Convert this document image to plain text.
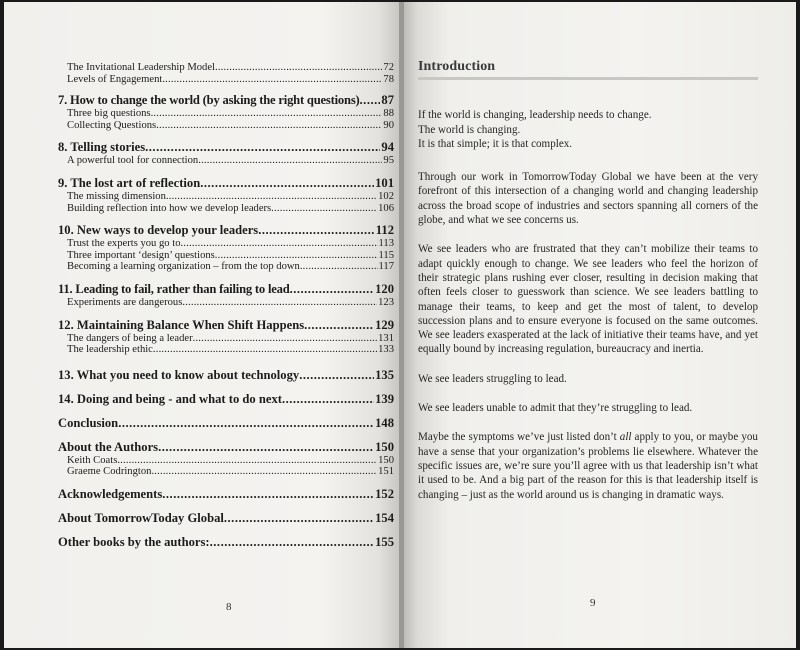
The Invitational Leadership Model .....	72
Levels of Engagement .....	78
7. How to change the world (by asking the right questions) ..... 87
Three big questions .....	88
Collecting Questions .....	90
8. Telling stories .....	94
A powerful tool for connection .....	95
9. The lost art of reflection .....	101
The missing dimension .....	102
Building reflection into how we develop leaders .....	106
10. New ways to develop your leaders .....	112
Trust the experts you go to .....	113
Three important ‘design’ questions .....	115
Becoming a learning organization – from the top down .....	117
11. Leading to fail, rather than failing to lead .....	120
Experiments are dangerous .....	123
12. Maintaining Balance When Shift Happens .....	129
The dangers of being a leader .....	131
The leadership ethic .....	133
13. What you need to know about technology .....	135
14. Doing and being - and what to do next .....	139
Conclusion .....	148
About the Authors .....	150
Keith Coats .....	150
Graeme Codrington .....	151
Acknowledgements .....	152
About TomorrowToday Global .....	154
Other books by the authors: .....	155
8
Introduction

If the world is changing, leadership needs to change.

The world is changing.

It is that simple; it is that complex.

Through our work in TomorrowToday Global we have been at the very forefront of this intersection of a changing world and changing leadership across the broad scope of industries and sectors spanning all corners of the globe, and what we see concerns us.

We see leaders who are frustrated that they can’t mobilize their teams to adapt quickly enough to change. We see leaders who feel the horizon of their strategic plans rushing ever closer, resulting in decision making that often feels closer to guesswork than science. We see leaders battling to manage their teams, to keep and get the most of talent, to develop succession plans and to ensure everyone is focused on the same outcomes. We see leaders exasperated at the lack of initiative their teams have, and yet equally bound by increasing regulation, bureaucracy and inertia.

We see leaders struggling to lead.

We see leaders unable to admit that they’re struggling to lead.

Maybe the symptoms we’ve just listed don’t all apply to you, or maybe you have a sense that your organization’s problems lie elsewhere. Whatever the specific issues are, we’re sure you’ll agree with us that leadership isn’t what it used to be. And a big part of the reason for this is that leadership itself is changing – just as the world around us is changing in dramatic ways.

9
